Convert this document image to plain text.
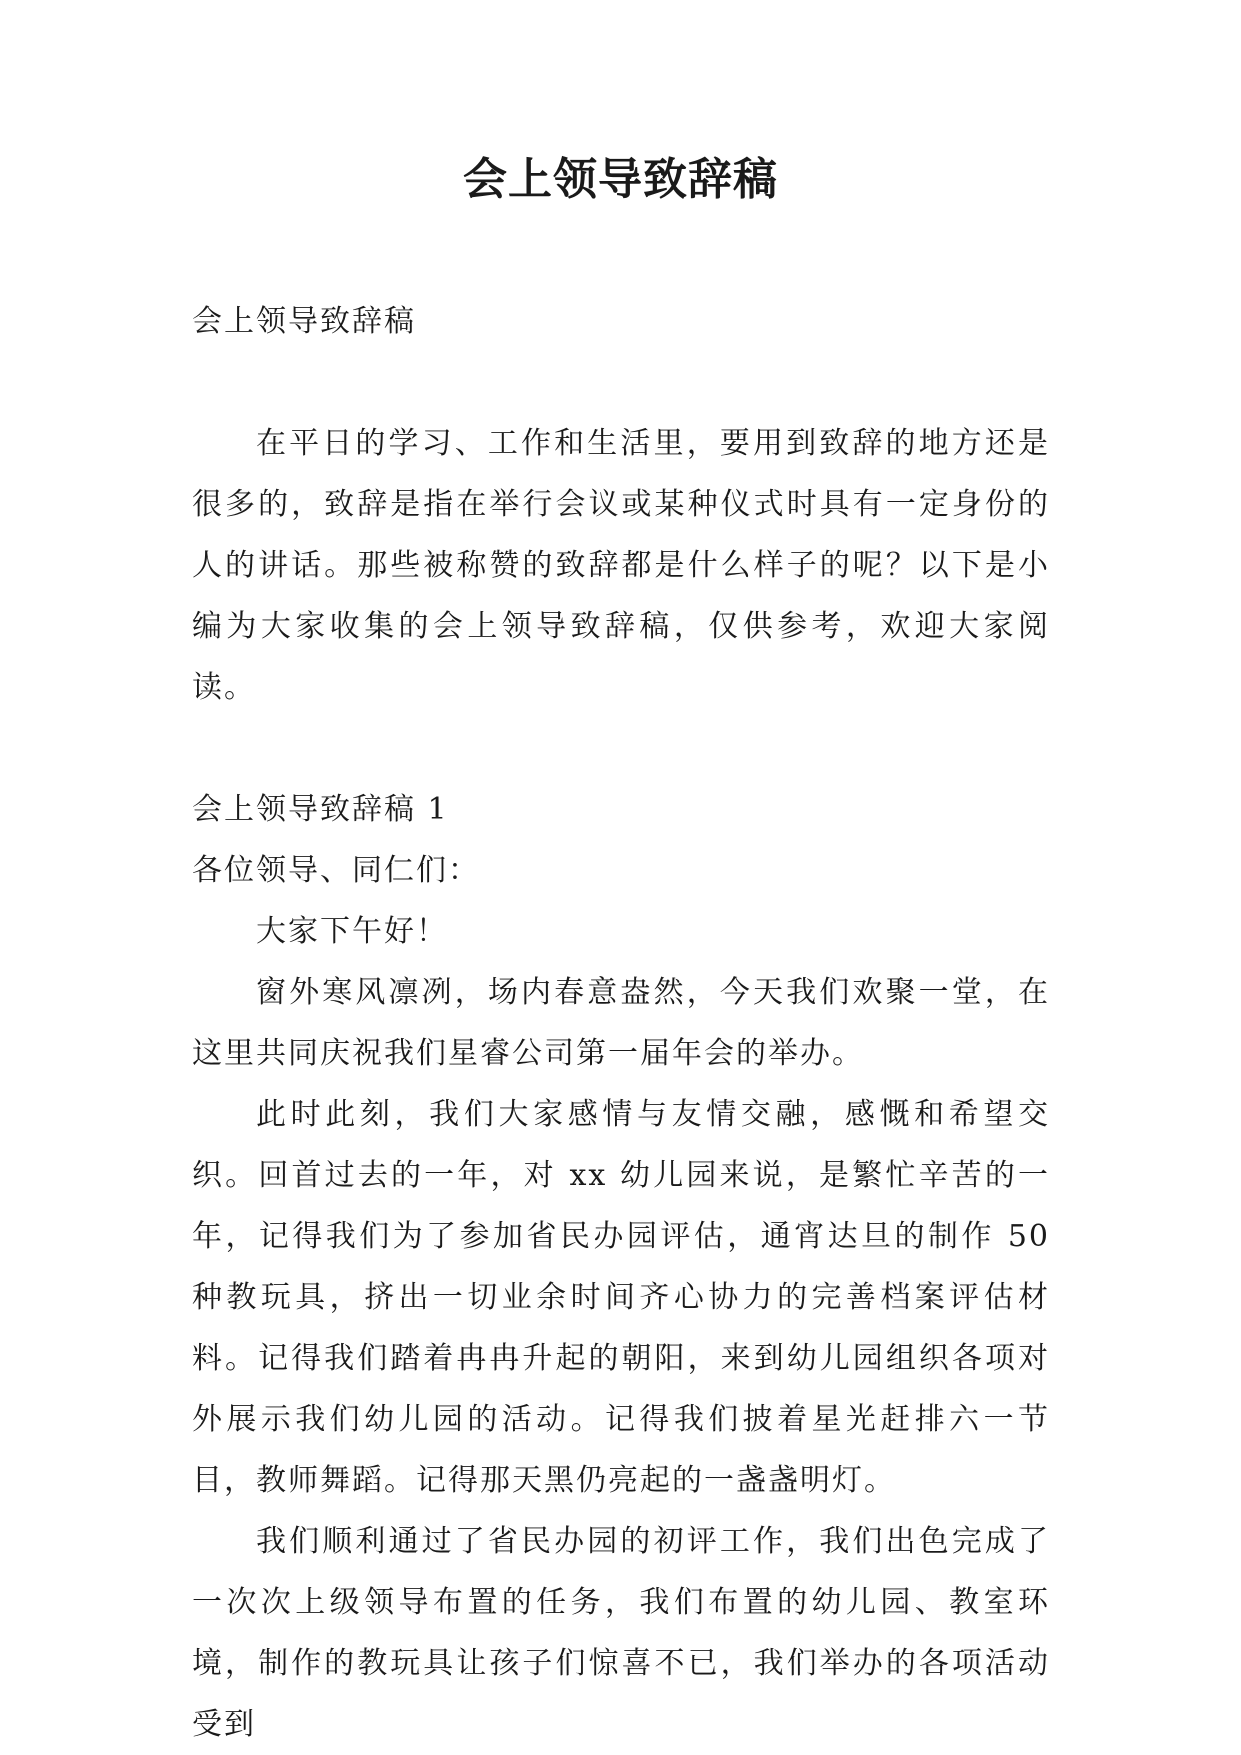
会上领导致辞稿

会上领导致辞稿

在平日的学习、工作和生活里，要用到致辞的地方还是很多的，致辞是指在举行会议或某种仪式时具有一定身份的人的讲话。那些被称赞的致辞都是什么样子的呢？以下是小编为大家收集的会上领导致辞稿，仅供参考，欢迎大家阅读。

会上领导致辞稿 1

各位领导、同仁们：

大家下午好！

窗外寒风凛冽，场内春意盎然，今天我们欢聚一堂，在这里共同庆祝我们星睿公司第一届年会的举办。

此时此刻，我们大家感情与友情交融，感慨和希望交织。回首过去的一年，对 xx 幼儿园来说，是繁忙辛苦的一年，记得我们为了参加省民办园评估，通宵达旦的制作 50 种教玩具，挤出一切业余时间齐心协力的完善档案评估材料。记得我们踏着冉冉升起的朝阳，来到幼儿园组织各项对外展示我们幼儿园的活动。记得我们披着星光赶排六一节目，教师舞蹈。记得那天黑仍亮起的一盏盏明灯。

我们顺利通过了省民办园的初评工作，我们出色完成了一次次上级领导布置的任务，我们布置的幼儿园、教室环境，制作的教玩具让孩子们惊喜不已，我们举办的各项活动受到
